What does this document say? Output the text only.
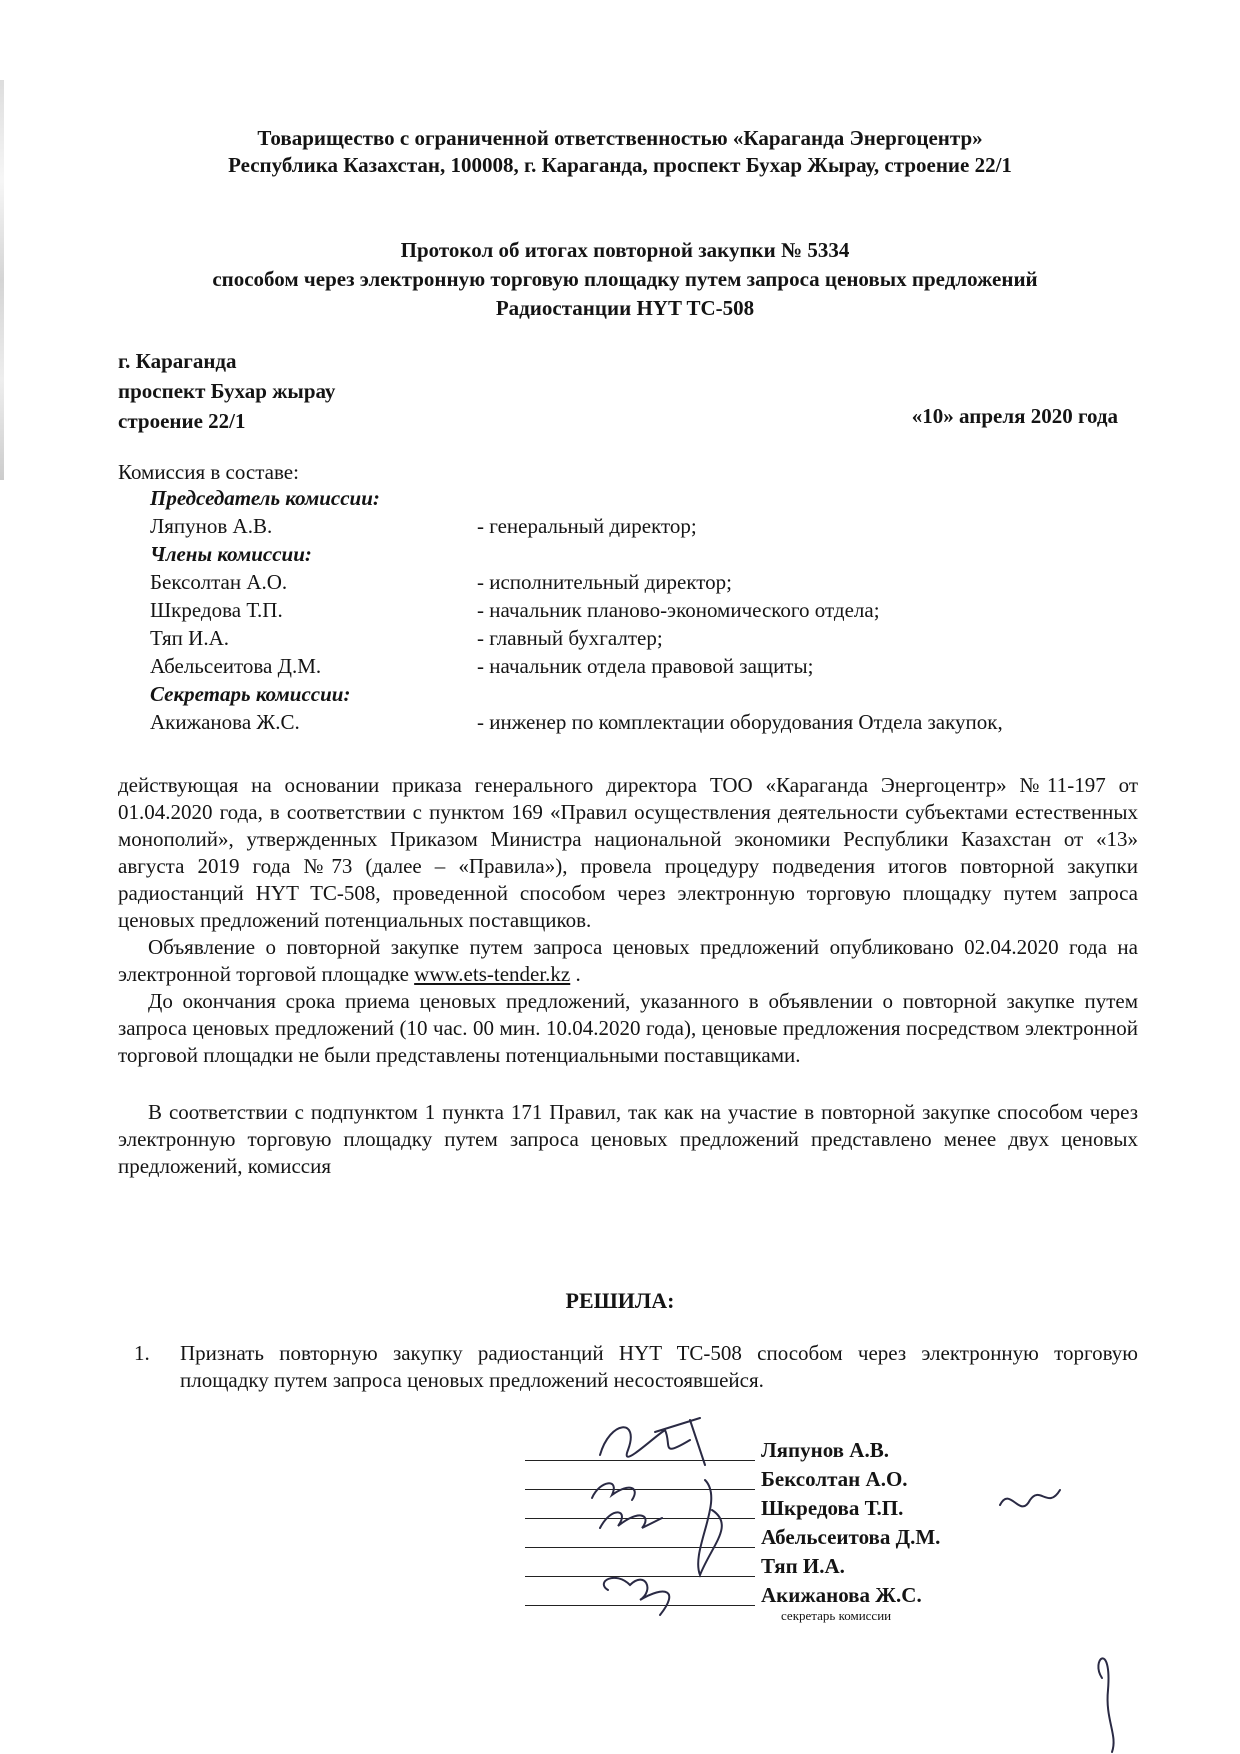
Товарищество с ограниченной ответственностью «Караганда Энергоцентр»
Республика Казахстан, 100008, г. Караганда, проспект Бухар Жырау, строение 22/1
Протокол об итогах повторной закупки № 5334
способом через электронную торговую площадку путем запроса ценовых предложений
Радиостанции HYT TC-508
г. Караганда
проспект Бухар жырау
строение 22/1	«10» апреля 2020 года
Комиссия в составе:
Председатель комиссии:
Ляпунов А.В.	- генеральный директор;
Члены комиссии:
Бексолтан А.О.	- исполнительный директор;
Шкредова Т.П.	- начальник планово-экономического отдела;
Тяп И.А.	- главный бухгалтер;
Абельсеитова Д.М.	- начальник отдела правовой защиты;
Секретарь комиссии:
Акижанова Ж.С.	- инженер по комплектации оборудования Отдела закупок,

действующая на основании приказа генерального директора ТОО «Караганда Энергоцентр» №11-197 от 01.04.2020 года, в соответствии с пунктом 169 «Правил осуществления деятельности субъектами естественных монополий», утвержденных Приказом Министра национальной экономики Республики Казахстан от «13» августа 2019 года №73 (далее – «Правила»), провела процедуру подведения итогов повторной закупки радиостанций HYT TC-508, проведенной способом через электронную торговую площадку путем запроса ценовых предложений потенциальных поставщиков.

Объявление о повторной закупке путем запроса ценовых предложений опубликовано 02.04.2020 года на электронной торговой площадке www.ets-tender.kz .

До окончания срока приема ценовых предложений, указанного в объявлении о повторной закупке путем запроса ценовых предложений (10 час. 00 мин. 10.04.2020 года), ценовые предложения посредством электронной торговой площадки не были представлены потенциальными поставщиками.

В соответствии с подпунктом 1 пункта 171 Правил, так как на участие в повторной закупке способом через электронную торговую площадку путем запроса ценовых предложений представлено менее двух ценовых предложений, комиссия

РЕШИЛА:
1.	Признать повторную закупку радиостанций HYT TC-508 способом через электронную торговую площадку путем запроса ценовых предложений несостоявшейся.
Ляпунов А.В.
Бексолтан А.О.
Шкредова Т.П.
Абельсеитова Д.М.
Тяп И.А.
Акижанова Ж.С.
секретарь комиссии
